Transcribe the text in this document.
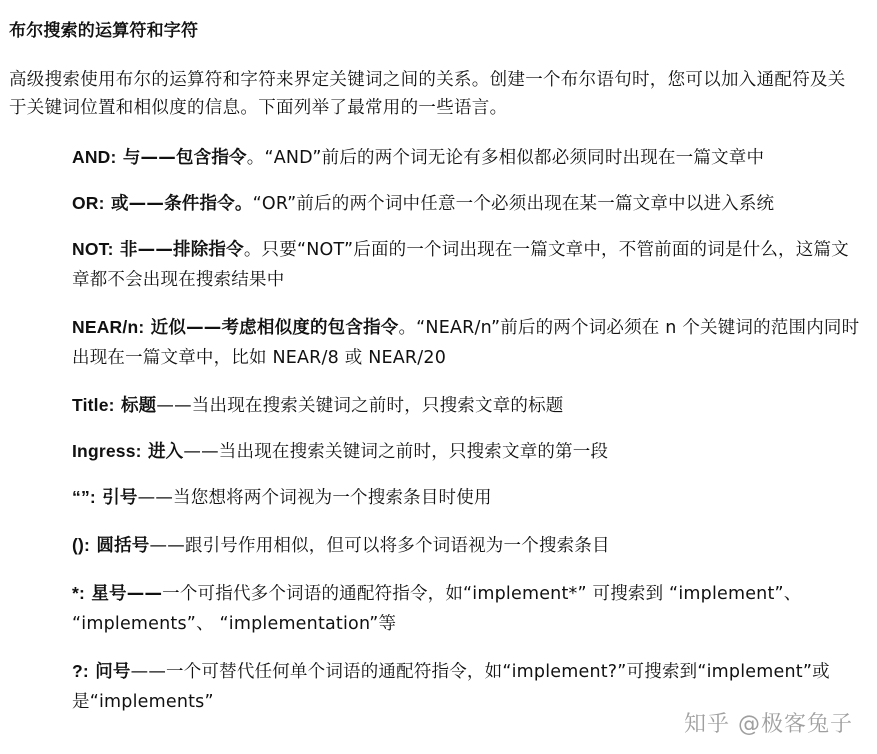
布尔搜索的运算符和字符
高级搜索使用布尔的运算符和字符来界定关键词之间的关系。创建一个布尔语句时，您可以加入通配符及关于关键词位置和相似度的信息。下面列举了最常用的一些语言。
AND: 与——包含指令。“AND”前后的两个词无论有多相似都必须同时出现在一篇文章中
OR: 或——条件指令。“OR”前后的两个词中任意一个必须出现在某一篇文章中以进入系统
NOT: 非——排除指令。只要“NOT”后面的一个词出现在一篇文章中，不管前面的词是什么，这篇文章都不会出现在搜索结果中
NEAR/n: 近似——考虑相似度的包含指令。“NEAR/n”前后的两个词必须在 n 个关键词的范围内同时出现在一篇文章中，比如 NEAR/8 或 NEAR/20
Title: 标题——当出现在搜索关键词之前时，只搜索文章的标题
Ingress: 进入——当出现在搜索关键词之前时，只搜索文章的第一段
“”: 引号——当您想将两个词视为一个搜索条目时使用
(): 圆括号——跟引号作用相似，但可以将多个词语视为一个搜索条目
*: 星号——一个可指代多个词语的通配符指令，如“implement*” 可搜索到 “implement”、 “implements”、 “implementation”等
?: 问号——一个可替代任何单个词语的通配符指令，如“implement?”可搜索到“implement”或是“implements”
知乎 @极客兔子
